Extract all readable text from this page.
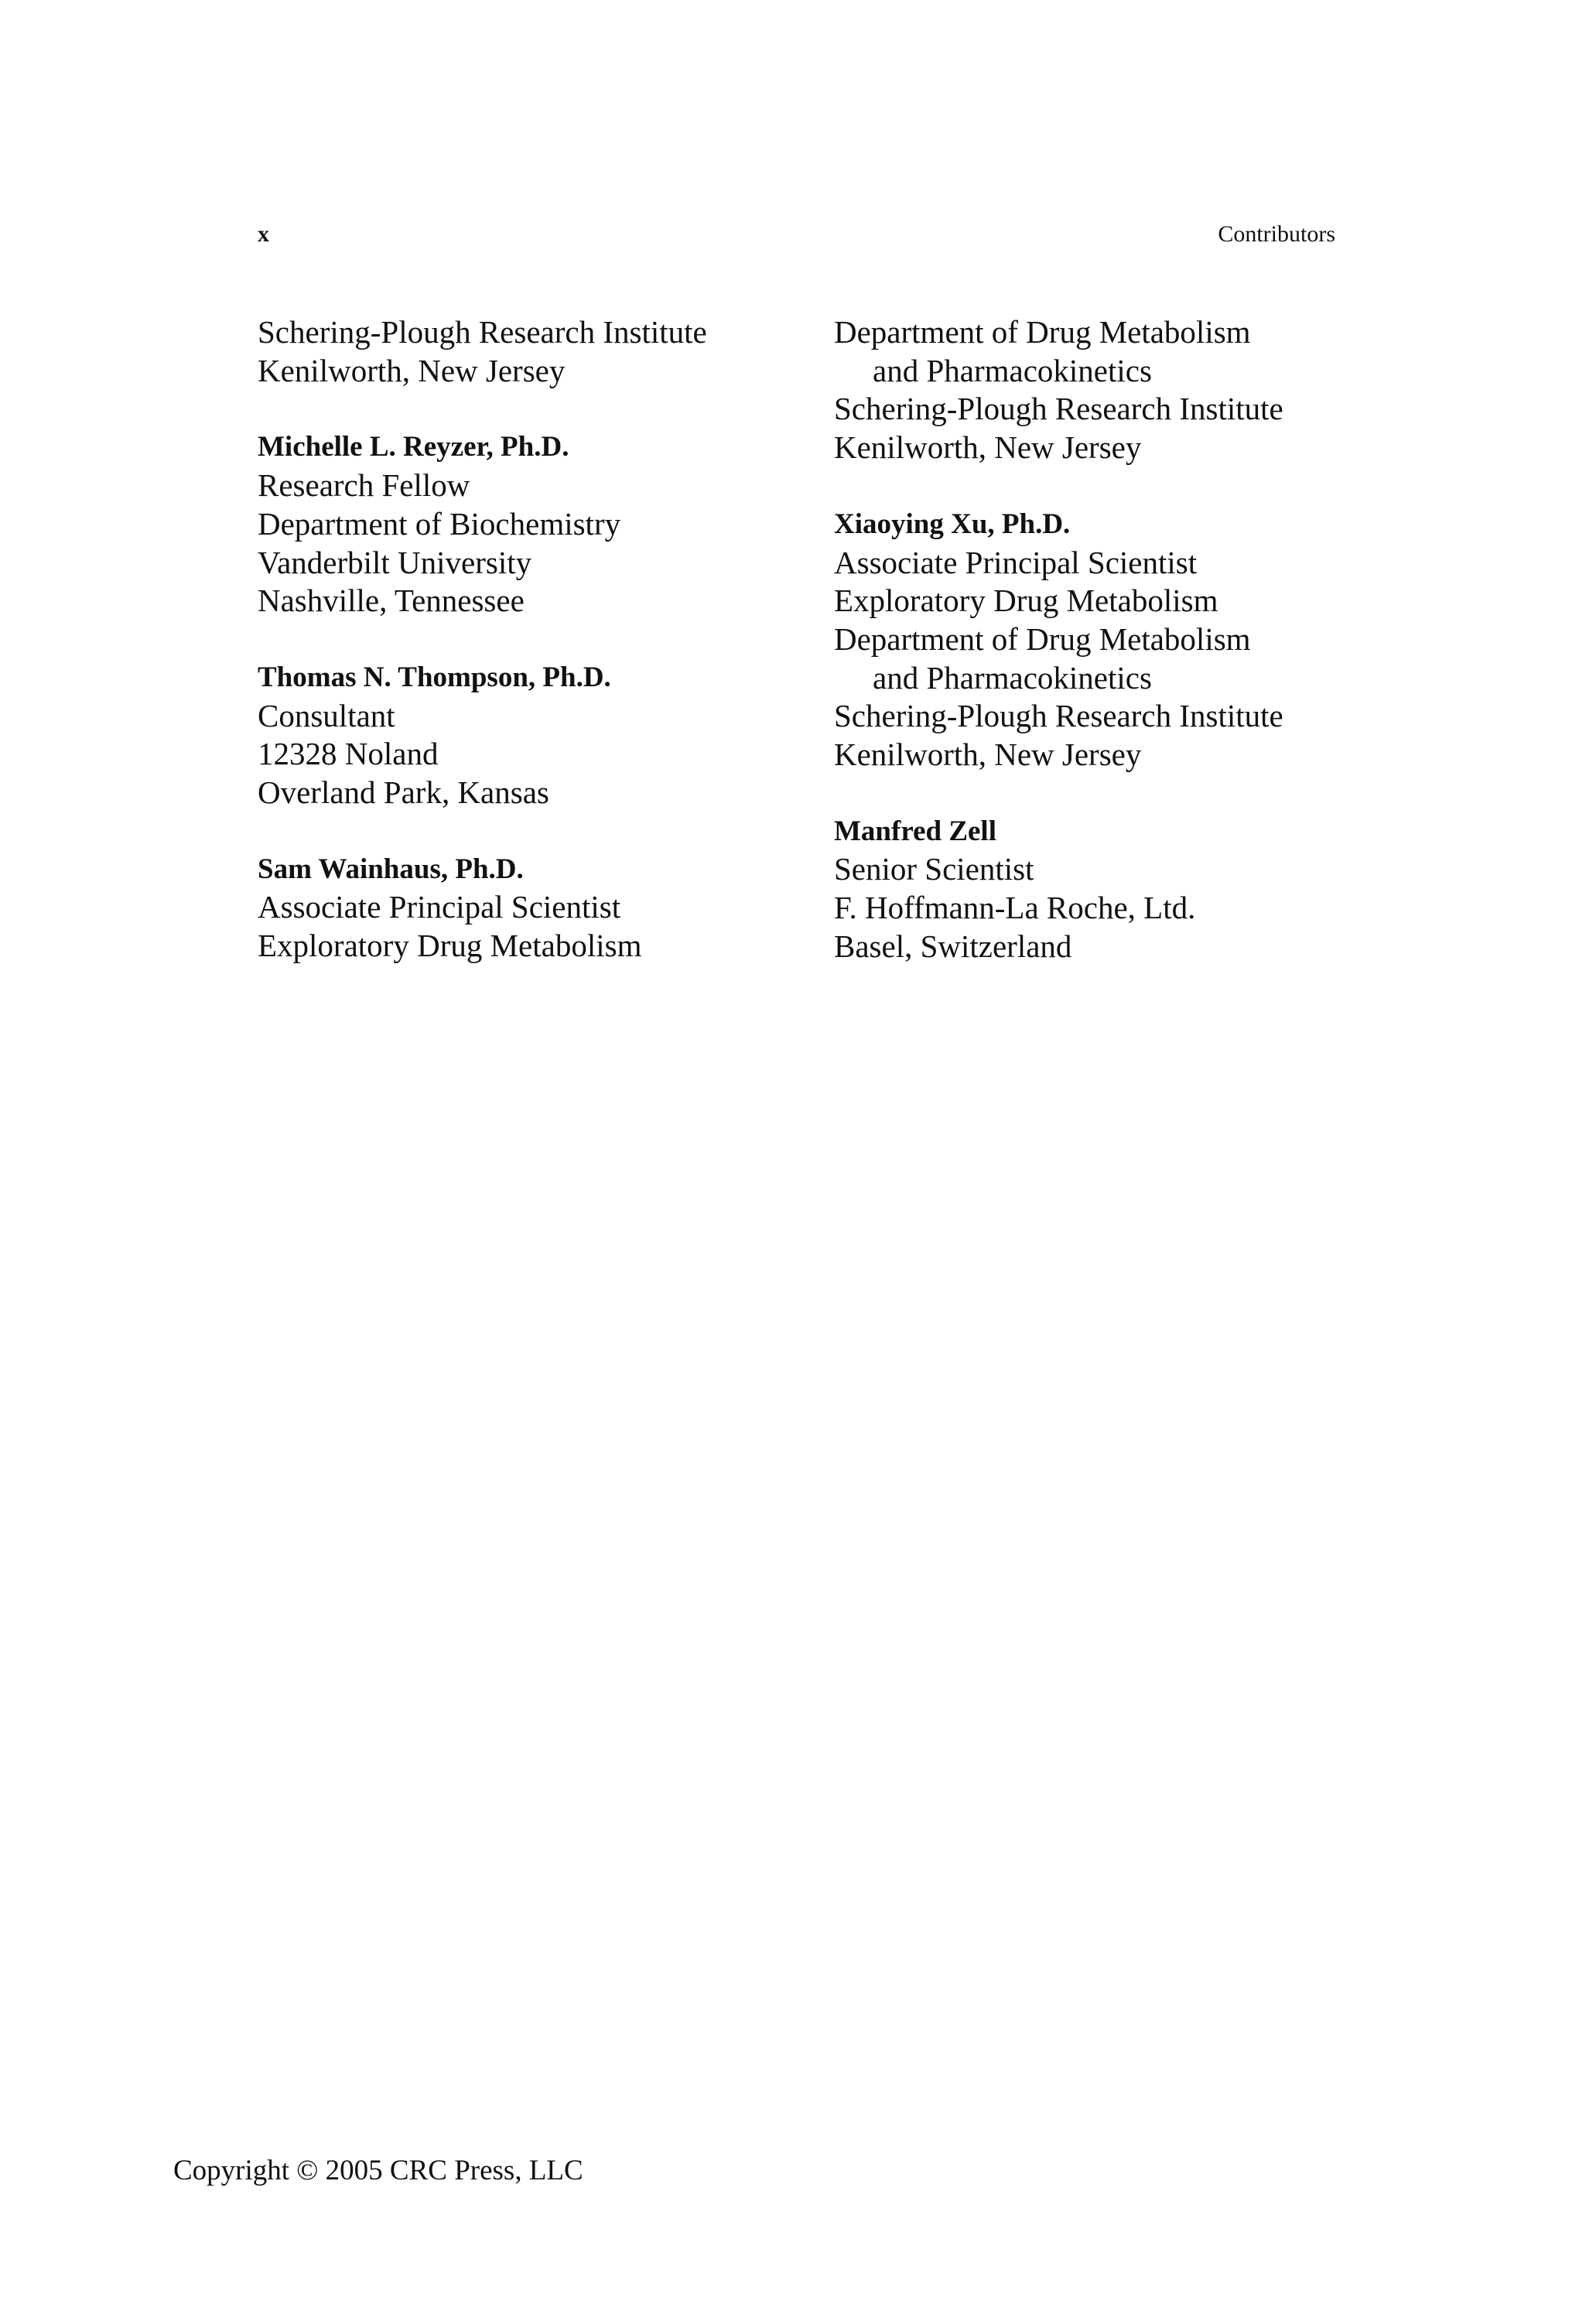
x	Contributors
Schering-Plough Research Institute
Kenilworth, New Jersey
Michelle L. Reyzer, Ph.D.
Research Fellow
Department of Biochemistry
Vanderbilt University
Nashville, Tennessee
Thomas N. Thompson, Ph.D.
Consultant
12328 Noland
Overland Park, Kansas
Sam Wainhaus, Ph.D.
Associate Principal Scientist
Exploratory Drug Metabolism
Department of Drug Metabolism
and Pharmacokinetics
Schering-Plough Research Institute
Kenilworth, New Jersey
Xiaoying Xu, Ph.D.
Associate Principal Scientist
Exploratory Drug Metabolism
Department of Drug Metabolism
and Pharmacokinetics
Schering-Plough Research Institute
Kenilworth, New Jersey
Manfred Zell
Senior Scientist
F. Hoffmann-La Roche, Ltd.
Basel, Switzerland
Copyright © 2005 CRC Press, LLC
